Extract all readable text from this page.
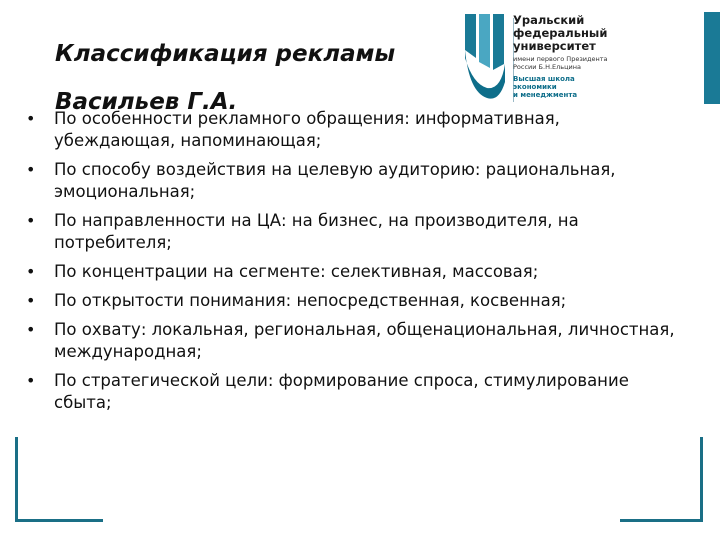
Классификация рекламы
Васильев Г.А.
Уральский
федеральный
университет
имени первого Президента
России Б.Н.Ельцина
Высшая школа
экономики
и менеджмента
• По особенности рекламного обращения: информативная, убеждающая, напоминающая;
• По способу воздействия на целевую аудиторию: рациональная, эмоциональная;
• По направленности на ЦА: на бизнес, на производителя, на потребителя;
• По концентрации на сегменте: селективная, массовая;
• По открытости понимания: непосредственная, косвенная;
• По охвату: локальная, региональная, общенациональная, личностная, международная;
• По стратегической цели: формирование спроса, стимулирование сбыта;
